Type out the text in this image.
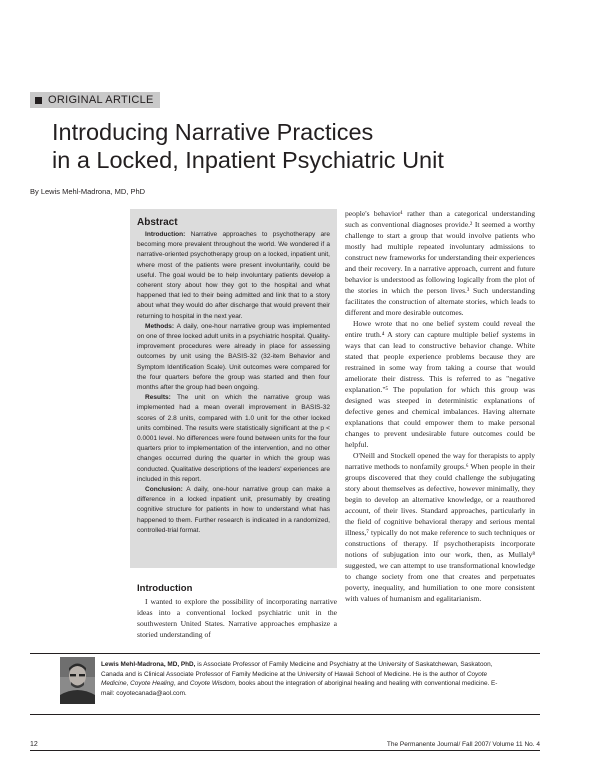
ORIGINAL ARTICLE
Introducing Narrative Practices
in a Locked, Inpatient Psychiatric Unit
By Lewis Mehl-Madrona, MD, PhD
Abstract

Introduction: Narrative approaches to psychotherapy are becoming more prevalent throughout the world. We wondered if a narrative-oriented psychotherapy group on a locked, inpatient unit, where most of the patients were present involuntarily, could be useful. The goal would be to help involuntary patients develop a coherent story about how they got to the hospital and what happened that led to their being admitted and link that to a story about what they would do after discharge that would prevent their returning to hospital in the next year.

Methods: A daily, one-hour narrative group was implemented on one of three locked adult units in a psychiatric hospital. Quality-improvement procedures were already in place for assessing outcomes by unit using the BASIS-32 (32-item Behavior and Symptom Identification Scale). Unit outcomes were compared for the four quarters before the group was started and then four months after the group had been ongoing.

Results: The unit on which the narrative group was implemented had a mean overall improvement in BASIS-32 scores of 2.8 units, compared with 1.0 unit for the other locked units combined. The results were statistically significant at the p < 0.0001 level. No differences were found between units for the four quarters prior to implementation of the intervention, and no other changes occurred during the quarter in which the group was conducted. Qualitative descriptions of the leaders' experiences are included in this report.

Conclusion: A daily, one-hour narrative group can make a difference in a locked inpatient unit, presumably by creating cognitive structure for patients in how to understand what has happened to them. Further research is indicated in a randomized, controlled-trial format.

Introduction

I wanted to explore the possibility of incorporating narrative ideas into a conventional locked psychiatric unit in the southwestern United States. Narrative approaches emphasize a storied understanding of

people's behavior¹ rather than a categorical understanding such as conventional diagnoses provide.² It seemed a worthy challenge to start a group that would involve patients who mostly had multiple repeated involuntary admissions to construct new frameworks for understanding their experiences and their recovery. In a narrative approach, current and future behavior is understood as following logically from the plot of the stories in which the person lives.³ Such understanding facilitates the construction of alternate stories, which leads to different and more desirable outcomes.

Howe wrote that no one belief system could reveal the entire truth.⁴ A story can capture multiple belief systems in ways that can lead to constructive behavior change. White stated that people experience problems because they are restrained in some way from taking a course that would ameliorate their distress. This is referred to as "negative explanation."⁵ The population for which this group was designed was steeped in deterministic explanations of defective genes and chemical imbalances. Having alternate explanations that could empower them to make personal changes to prevent undesirable future outcomes could be helpful.

O'Neill and Stockell opened the way for therapists to apply narrative methods to nonfamily groups.⁶ When people in their groups discovered that they could challenge the subjugating story about themselves as defective, however minimally, they begin to develop an alternative knowledge, or a reauthored account, of their lives. Standard approaches, particularly in the field of cognitive behavioral therapy and serious mental illness,⁷ typically do not make reference to such techniques or constructions of therapy. If psychotherapists incorporate notions of subjugation into our work, then, as Mullaly⁸ suggested, we can attempt to use transformational knowledge to change society from one that creates and perpetuates poverty, inequality, and humiliation to one more consistent with values of humanism and egalitarianism.

Lewis Mehl-Madrona, MD, PhD, is Associate Professor of Family Medicine and Psychiatry at the University of Saskatchewan, Saskatoon, Canada and is Clinical Associate Professor of Family Medicine at the University of Hawaii School of Medicine. He is the author of Coyote Medicine, Coyote Healing, and Coyote Wisdom, books about the integration of aboriginal healing and healing with conventional medicine. E-mail: coyotecanada@aol.com.

12	The Permanente Journal/ Fall 2007/ Volume 11 No. 4
